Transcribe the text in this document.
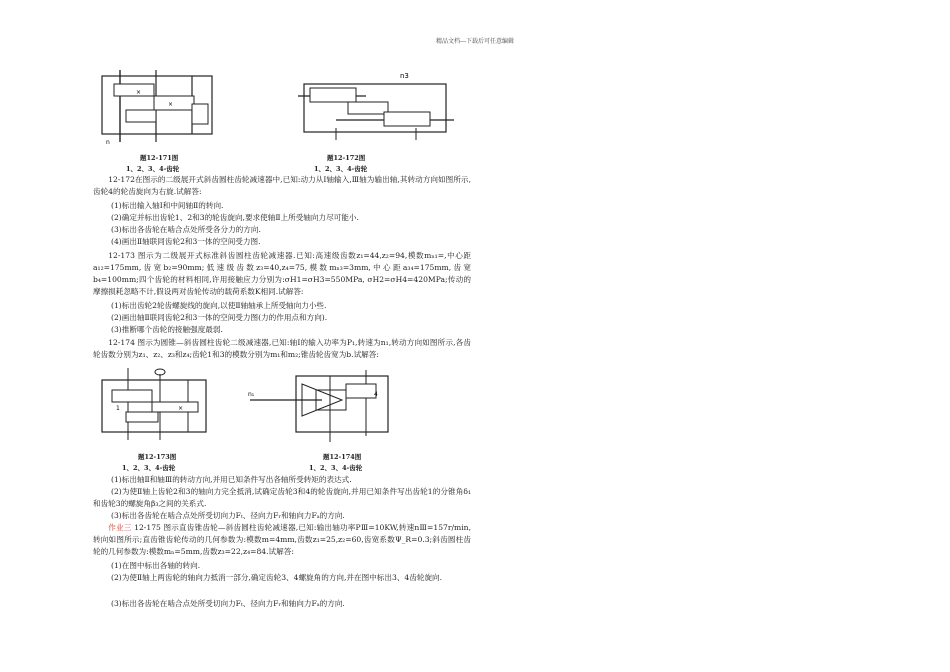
精品文档---下载后可任意编辑
×
×
n
题12-171图
1、2、3、4-齿轮
n3
题12-172图
1、2、3、4-齿轮

12-172在图示的二级展开式斜齿圆柱齿轮减速器中,已知:动力从Ⅰ轴输入,Ⅲ轴为输出轴,其转动方向如图所示,齿轮4的轮齿旋向为右旋.试解答:

(1)标出输入轴Ⅰ和中间轴Ⅱ的转向.

(2)确定并标出齿轮1、2和3的轮齿旋向,要求使轴Ⅱ上所受轴向力尽可能小.

(3)标出各齿轮在啮合点处所受各分力的方向.

(4)画出Ⅱ轴联同齿轮2和3一体的空间受力图.

12-173 图示为二级展开式标准斜齿圆柱齿轮减速器.已知:高速级齿数z₁=44,z₂=94,模数mₙ₁=,中心距a₁₂=175mm,齿宽b₂=90mm;低速级齿数z₃=40,z₄=75,模数mₙ₃=3mm,中心距a₃₄=175mm,齿宽b₄=100mm;四个齿轮的材料相同,许用接触应力分别为:σH1=σH3=550MPa, σH2=σH4=420MPa;传动的摩擦损耗忽略不计,假设两对齿轮传动的载荷系数K相同.试解答:

(1)标出齿轮2轮齿螺旋线的旋向,以使Ⅱ轴轴承上所受轴向力小些.

(2)画出轴Ⅱ联同齿轮2和3一体的空间受力图(力的作用点和方向).

(3)推断哪个齿轮的接触强度最弱.

12-174 图示为圆锥—斜齿圆柱齿轮二级减速器,已知:轴Ⅰ的输入功率为P₁,转速为n₁,转动方向如图所示,各齿轮齿数分别为z₁、z₂、z₃和z₄;齿轮1和3的模数分别为m₁和m₂;锥齿轮齿宽为b.试解答:

1	×
题12-173图
1、2、3、4-齿轮
n₁	4
题12-174图
1、2、3、4-齿轮

(1)标出轴Ⅱ和轴Ⅲ的转动方向,并用已知条件写出各轴所受转矩的表达式.

(2)为使Ⅱ轴上齿轮2和3的轴向力完全抵消,试确定齿轮3和4的轮齿旋向,并用已知条件写出齿轮1的分锥角δ₁和齿轮3的螺旋角β₃之间的关系式.

(3)标出各齿轮在啮合点处所受切向力Fₜ、径向力Fᵣ和轴向力Fₐ的方向.

作业三 12-175 图示直齿锥齿轮—斜齿圆柱齿轮减速器,已知:输出轴功率PⅢ=10KW,转速nⅢ=157r/min,转向如图所示;直齿锥齿轮传动的几何参数为:模数m=4mm,齿数z₁=25,z₂=60,齿宽系数Ψ_R=0.3;斜齿圆柱齿轮的几何参数为:模数mₙ=5mm,齿数z₃=22,z₄=84.试解答:

(1)在图中标出各轴的转向.

(2)为使Ⅱ轴上两齿轮的轴向力抵消一部分,确定齿轮3、4螺旋角的方向,并在图中标出3、4齿轮旋向.

(3)标出各齿轮在啮合点处所受切向力Fₜ、径向力Fᵣ和轴向力Fₐ的方向.
